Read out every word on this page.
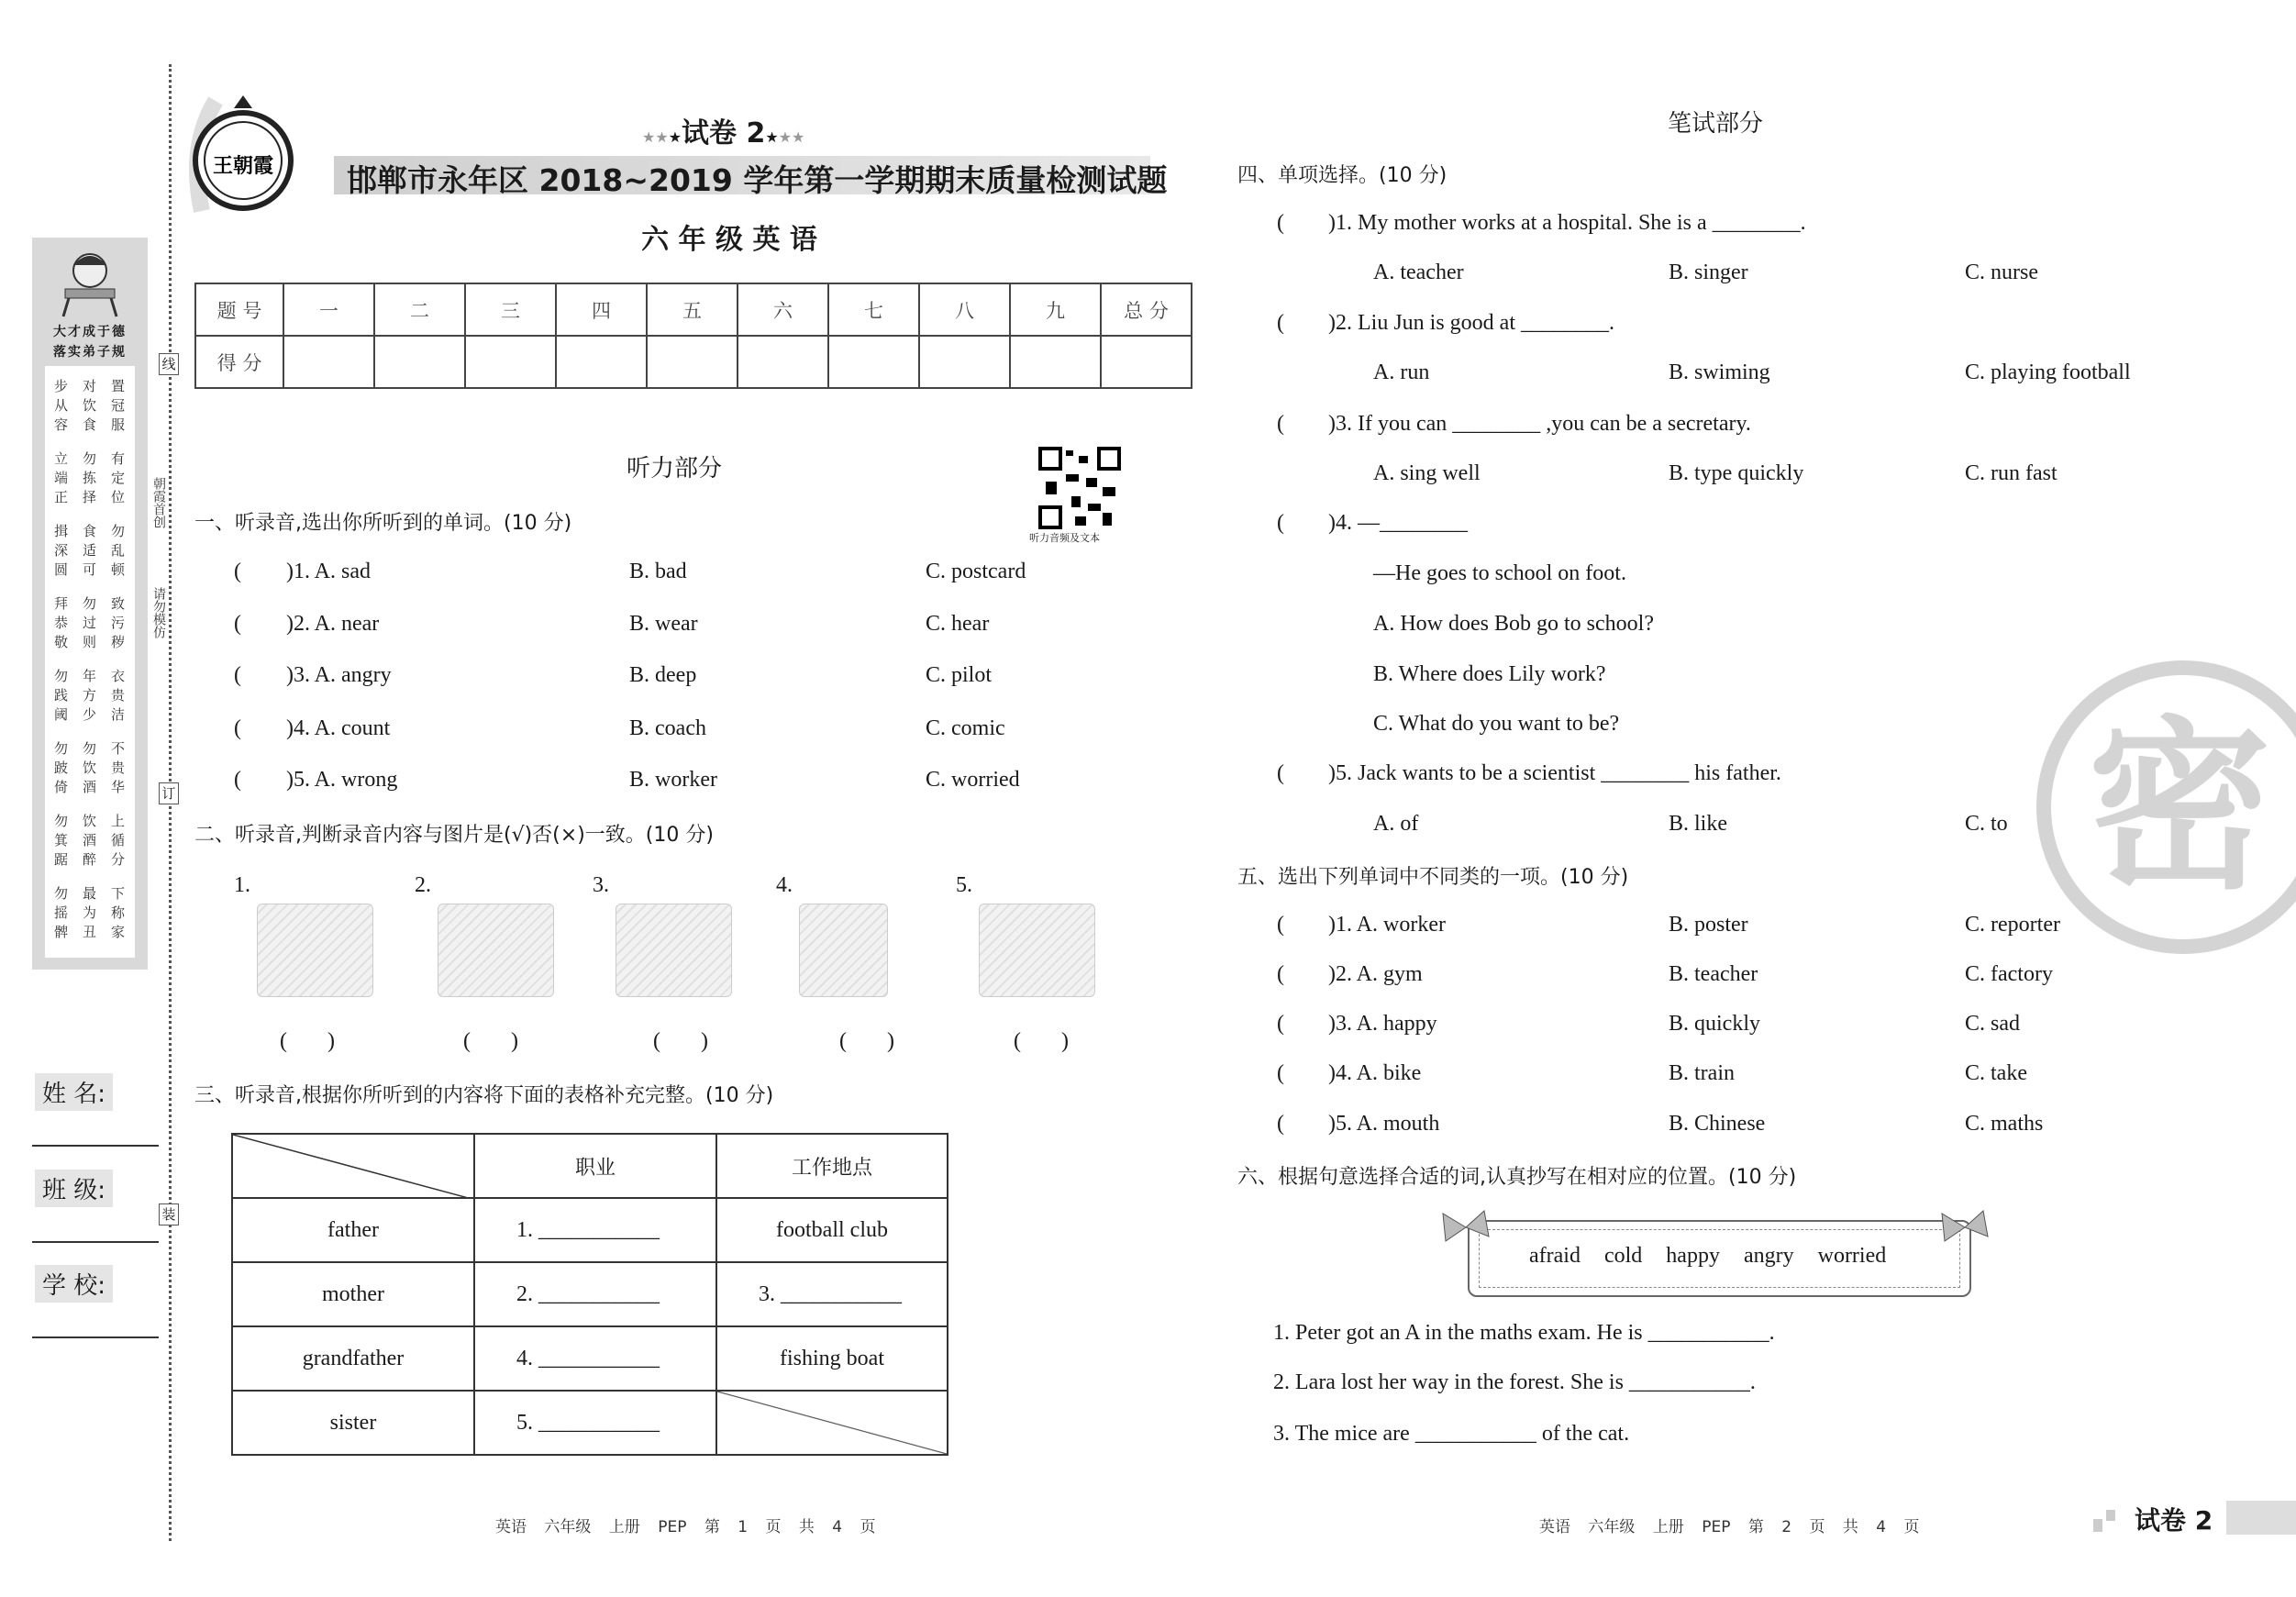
大才成于德
落实弟子规
步从容
对饮食
置冠服
立端正
勿拣择
有定位
揖深圆
食适可
勿乱顿
拜恭敬
勿过则
致污秽
勿践阈
年方少
衣贵洁
勿跛倚
勿饮酒
不贵华
勿箕踞
饮酒醉
上循分
勿摇髀
最为丑
下称家
线
订
装
朝霞首创
请勿模仿
姓 名:
班 级:
学 校:
王朝霞
★★★试卷 2★★★
邯郸市永年区 2018~2019 学年第一学期期末质量检测试题
六 年 级 英 语
题 号	一	二	三	四	五	六	七	八	九	总 分
得 分										
听力部分
听力音频及文本
一、听录音,选出你所听到的单词。(10 分)
( )1. A. sad	B. bad	C. postcard
( )2. A. near	B. wear	C. hear
( )3. A. angry	B. deep	C. pilot
( )4. A. count	B. coach	C. comic
( )5. A. wrong	B. worker	C. worried
二、听录音,判断录音内容与图片是(√)否(×)一致。(10 分)
1.
( )
2.
( )
3.
( )
4.
( )
5.
( )
三、听录音,根据你所听到的内容将下面的表格补充完整。(10 分)
	职业	工作地点
father	1. ___________	football club
mother	2. ___________	3. ___________
grandfather	4. ___________	fishing boat
sister	5. ___________	
英语 六年级 上册 PEP 第 1 页 共 4 页
笔试部分
四、单项选择。(10 分)
( )1. My mother works at a hospital. She is a ________.
A. teacher	B. singer	C. nurse
( )2. Liu Jun is good at ________.
A. run	B. swiming	C. playing football
( )3. If you can ________ ,you can be a secretary.
A. sing well	B. type quickly	C. run fast
( )4. —________
—He goes to school on foot.
A. How does Bob go to school?
B. Where does Lily work?
C. What do you want to be?
( )5. Jack wants to be a scientist ________ his father.
A. of	B. like	C. to
五、选出下列单词中不同类的一项。(10 分)
( )1. A. worker	B. poster	C. reporter
( )2. A. gym	B. teacher	C. factory
( )3. A. happy	B. quickly	C. sad
( )4. A. bike	B. train	C. take
( )5. A. mouth	B. Chinese	C. maths
六、根据句意选择合适的词,认真抄写在相对应的位置。(10 分)
afraid cold happy angry worried
1. Peter got an A in the maths exam. He is ___________.
2. Lara lost her way in the forest. She is ___________.
3. The mice are ___________ of the cat.
密
英语 六年级 上册 PEP 第 2 页 共 4 页	试卷 2
